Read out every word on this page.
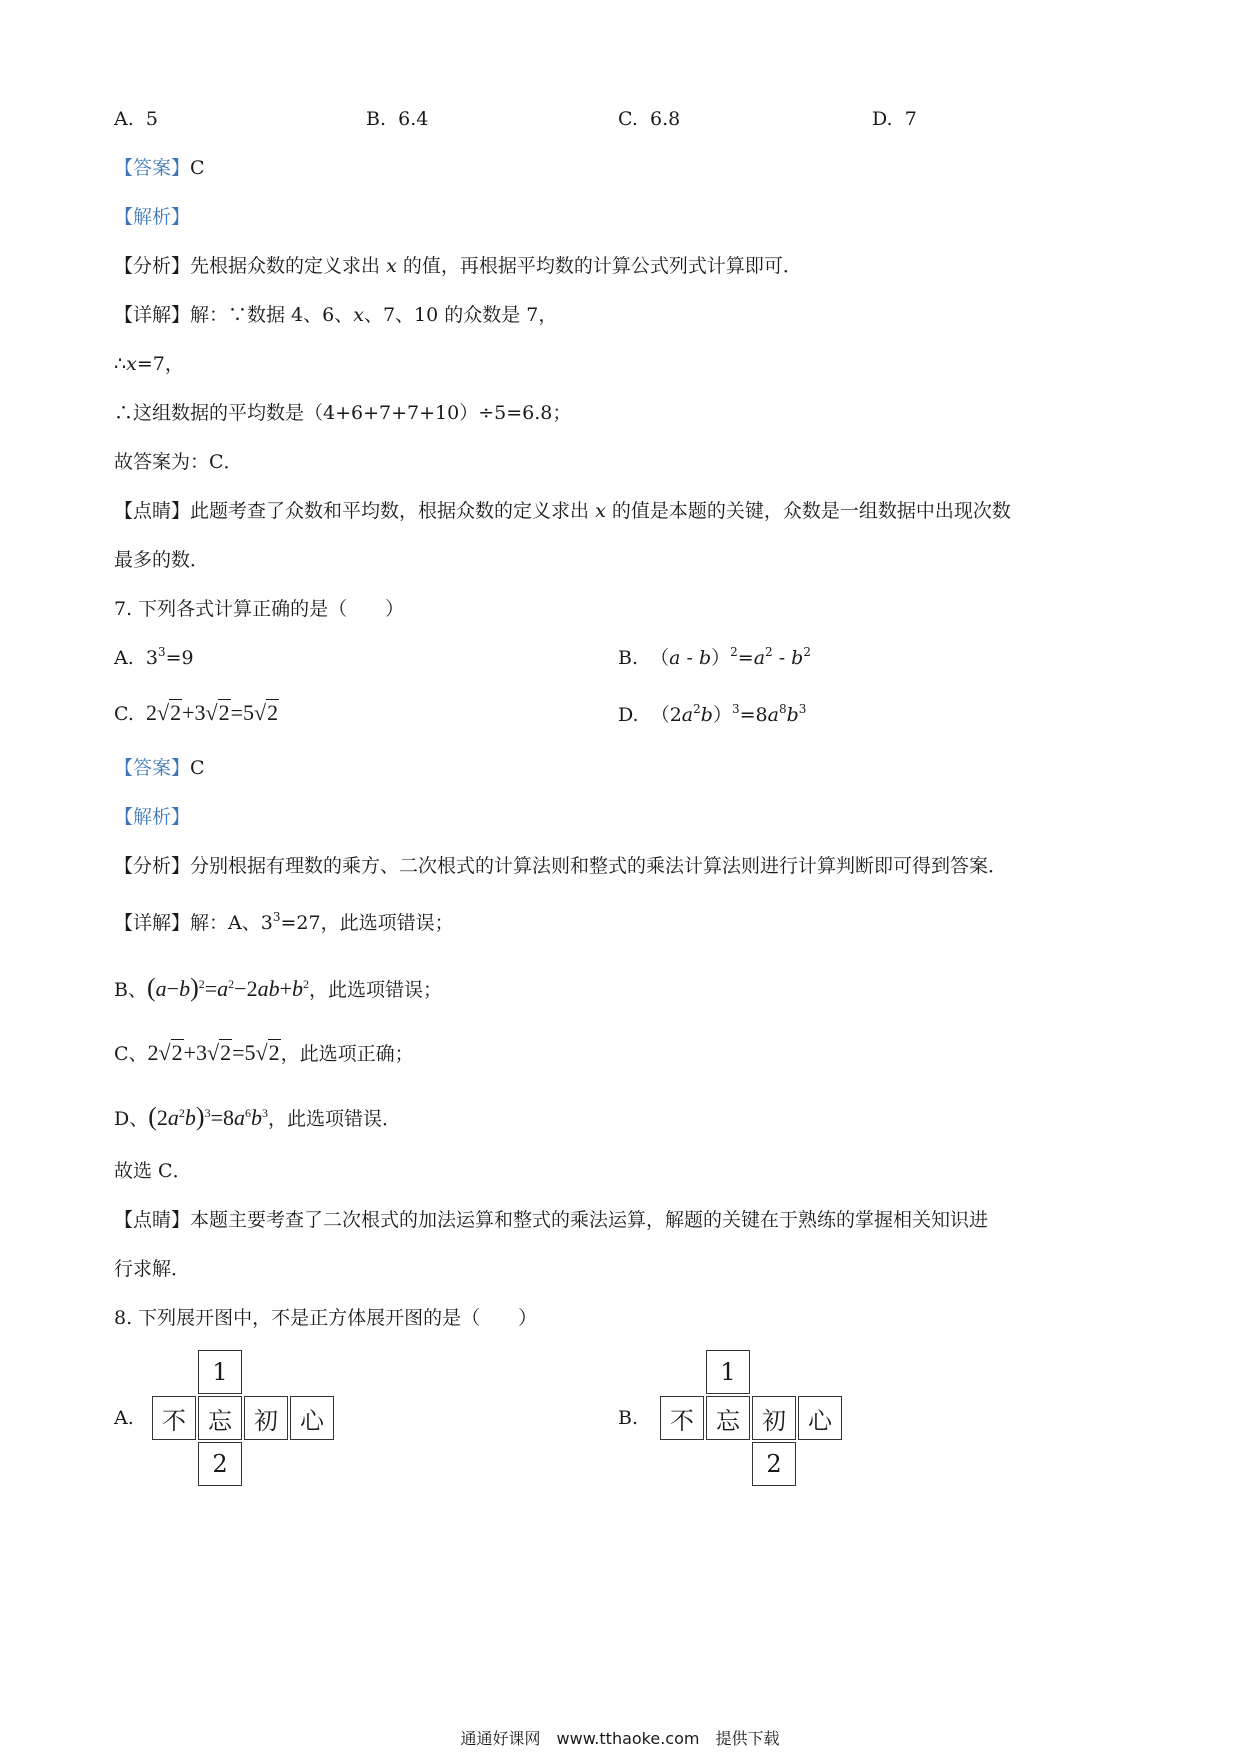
A. 5	B. 6.4	C. 6.8	D. 7
【答案】C
【解析】
【分析】先根据众数的定义求出 x 的值，再根据平均数的计算公式列式计算即可．
【详解】解：∵数据 4、6、x、7、10 的众数是 7，
∴x=7，
∴这组数据的平均数是（4+6+7+7+10）÷5=6.8；
故答案为：C．
【点睛】此题考查了众数和平均数，根据众数的定义求出 x 的值是本题的关键，众数是一组数据中出现次数
最多的数．
7. 下列各式计算正确的是（　　）
A. $3^3=9$	B. $(a - b)^2=a^2 - b^2$
C. 2√2+3√2=5√2	D. $(2a^2b)^3=8a^8b^3$
【答案】C
【解析】
【分析】分别根据有理数的乘方、二次根式的计算法则和整式的乘法计算法则进行计算判断即可得到答案．
【详解】解：A、$3^3=27$，此选项错误；
B、$(a-b)^2=a^2-2ab+b^2$，此选项错误；
C、2√2+3√2=5√2，此选项正确；
D、$(2a^2b)^3=8a^6b^3$，此选项错误．
故选 C．
【点睛】本题主要考查了二次根式的加法运算和整式的乘法运算，解题的关键在于熟练的掌握相关知识进
行求解．
8. 下列展开图中，不是正方体展开图的是（　　）
A.
1
不 忘 初 心
2
B.
1
不 忘 初 心
2
通通好课网　www.tthaoke.com　提供下载
